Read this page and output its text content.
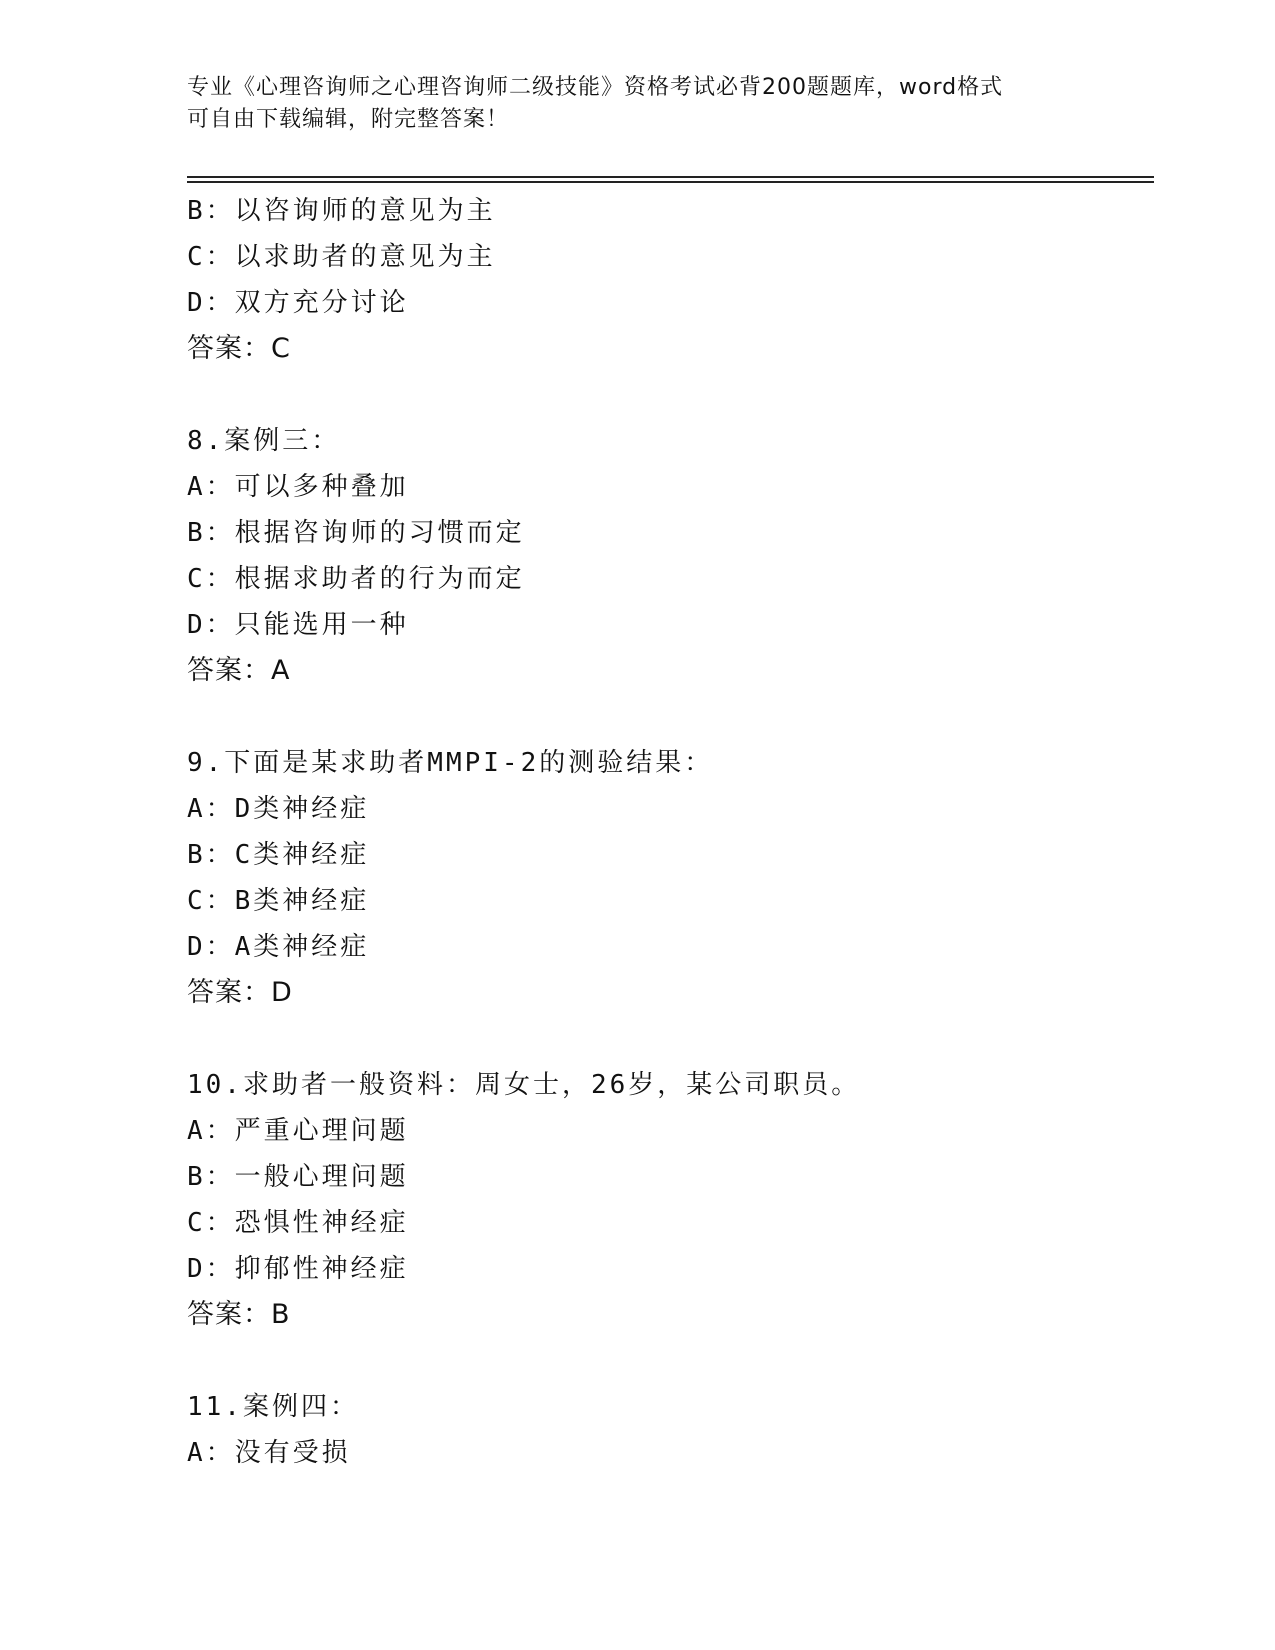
专业《心理咨询师之心理咨询师二级技能》资格考试必背200题题库，word格式
可自由下载编辑，附完整答案！
B：以咨询师的意见为主
C：以求助者的意见为主
D：双方充分讨论
答案：C
8.案例三：
A：可以多种叠加
B：根据咨询师的习惯而定
C：根据求助者的行为而定
D：只能选用一种
答案：A
9.下面是某求助者MMPI-2的测验结果：
A：D类神经症
B：C类神经症
C：B类神经症
D：A类神经症
答案：D
10.求助者一般资料：周女士，26岁，某公司职员。
A：严重心理问题
B：一般心理问题
C：恐惧性神经症
D：抑郁性神经症
答案：B
11.案例四：
A：没有受损
